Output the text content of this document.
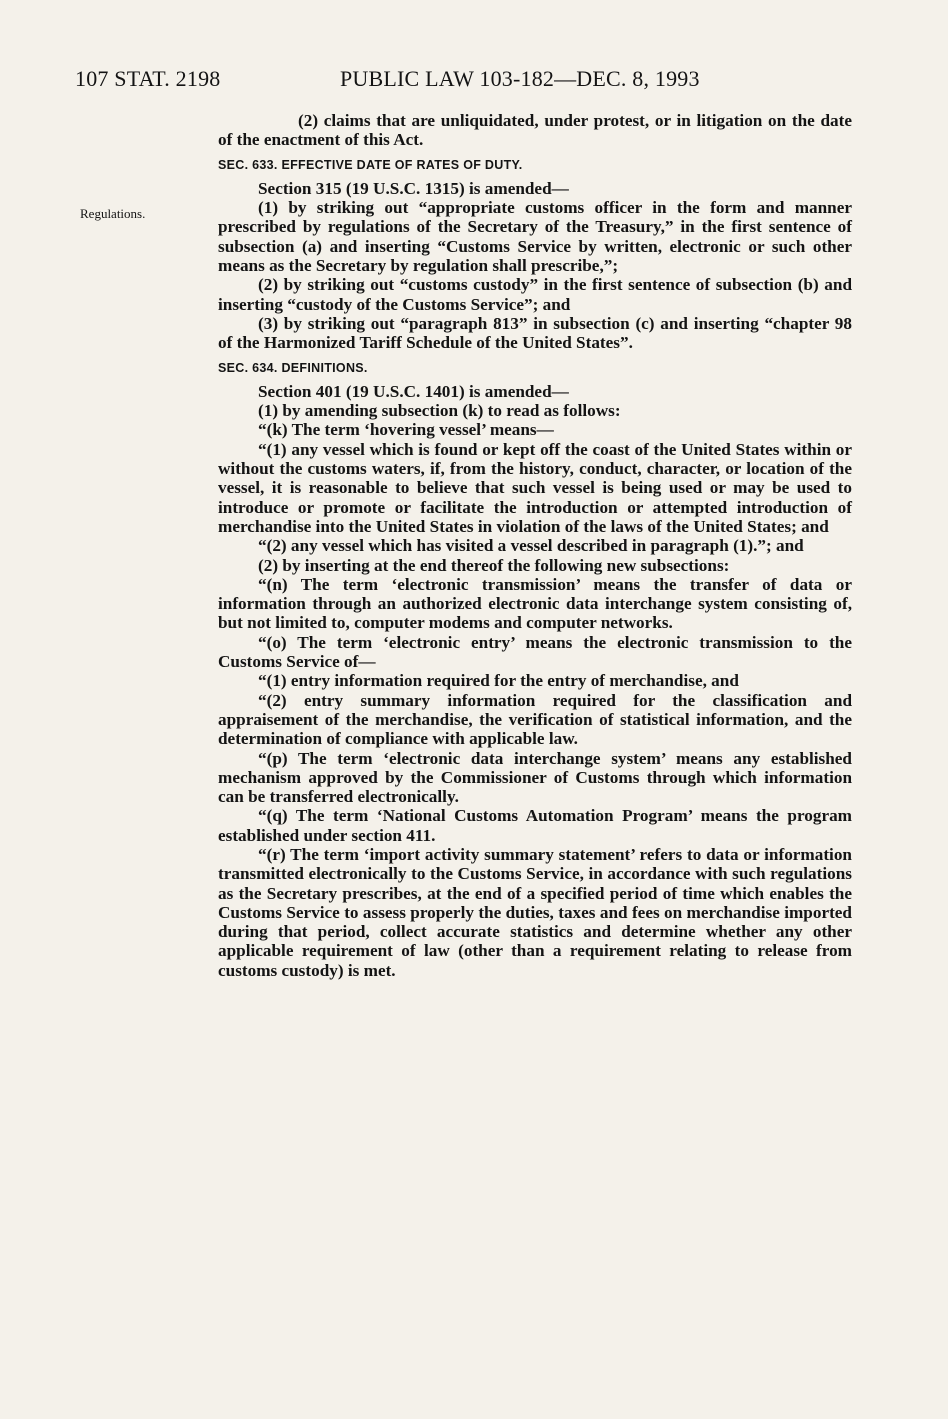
107 STAT. 2198	PUBLIC LAW 103-182—DEC. 8, 1993
Regulations.

(2) claims that are unliquidated, under protest, or in litigation on the date of the enactment of this Act.

SEC. 633. EFFECTIVE DATE OF RATES OF DUTY.

Section 315 (19 U.S.C. 1315) is amended—

(1) by striking out “appropriate customs officer in the form and manner prescribed by regulations of the Secretary of the Treasury,” in the first sentence of subsection (a) and inserting “Customs Service by written, electronic or such other means as the Secretary by regulation shall prescribe,”;

(2) by striking out “customs custody” in the first sentence of subsection (b) and inserting “custody of the Customs Service”; and

(3) by striking out “paragraph 813” in subsection (c) and inserting “chapter 98 of the Harmonized Tariff Schedule of the United States”.

SEC. 634. DEFINITIONS.

Section 401 (19 U.S.C. 1401) is amended—

(1) by amending subsection (k) to read as follows:

“(k) The term ‘hovering vessel’ means—

“(1) any vessel which is found or kept off the coast of the United States within or without the customs waters, if, from the history, conduct, character, or location of the vessel, it is reasonable to believe that such vessel is being used or may be used to introduce or promote or facilitate the introduction or attempted introduction of merchandise into the United States in violation of the laws of the United States; and

“(2) any vessel which has visited a vessel described in paragraph (1).”; and

(2) by inserting at the end thereof the following new subsections:

“(n) The term ‘electronic transmission’ means the transfer of data or information through an authorized electronic data interchange system consisting of, but not limited to, computer modems and computer networks.

“(o) The term ‘electronic entry’ means the electronic transmission to the Customs Service of—

“(1) entry information required for the entry of merchandise, and

“(2) entry summary information required for the classification and appraisement of the merchandise, the verification of statistical information, and the determination of compliance with applicable law.

“(p) The term ‘electronic data interchange system’ means any established mechanism approved by the Commissioner of Customs through which information can be transferred electronically.

“(q) The term ‘National Customs Automation Program’ means the program established under section 411.

“(r) The term ‘import activity summary statement’ refers to data or information transmitted electronically to the Customs Service, in accordance with such regulations as the Secretary prescribes, at the end of a specified period of time which enables the Customs Service to assess properly the duties, taxes and fees on merchandise imported during that period, collect accurate statistics and determine whether any other applicable requirement of law (other than a requirement relating to release from customs custody) is met.
